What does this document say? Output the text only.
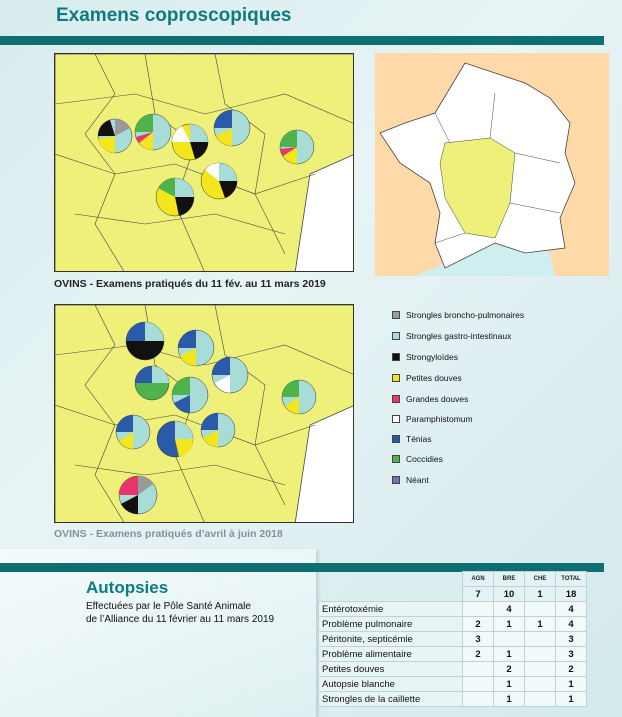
Examens coproscopiques
OVINS - Examens pratiqués du 11 fév. au 11 mars 2019
OVINS - Examens pratiqués d’avril à juin 2018
Strongles broncho-pulmonaires
Strongles gastro-intestinaux
Strongyloïdes
Petites douves
Grandes douves
Paramphistomum
Ténias
Coccidies
Néant
Autopsies
Effectuées par le Pôle Santé Animale
de l’Alliance du 11 février au 11 mars 2019
	AGN	BRE	CHE	TOTAL
	7	10	1	18
Entérotoxémie		4		4
Problème pulmonaire	2	1	1	4
Péritonite, septicémie	3			3
Problème alimentaire	2	1		3
Petites douves		2		2
Autopsie blanche		1		1
Strongles de la caillette		1		1
